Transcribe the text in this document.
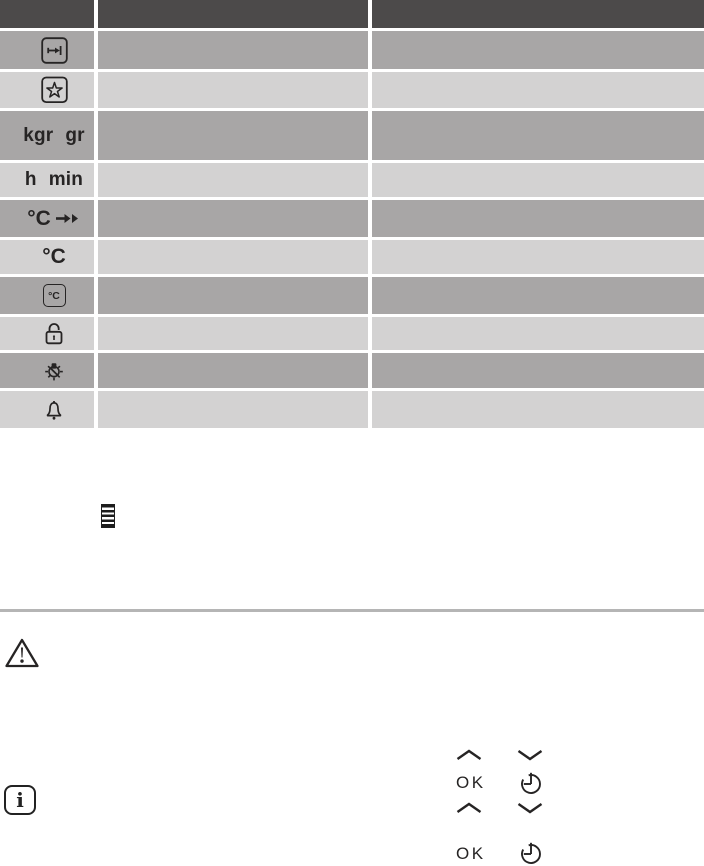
kgr gr
h min
°C
°C
°C
OK
OK
i
